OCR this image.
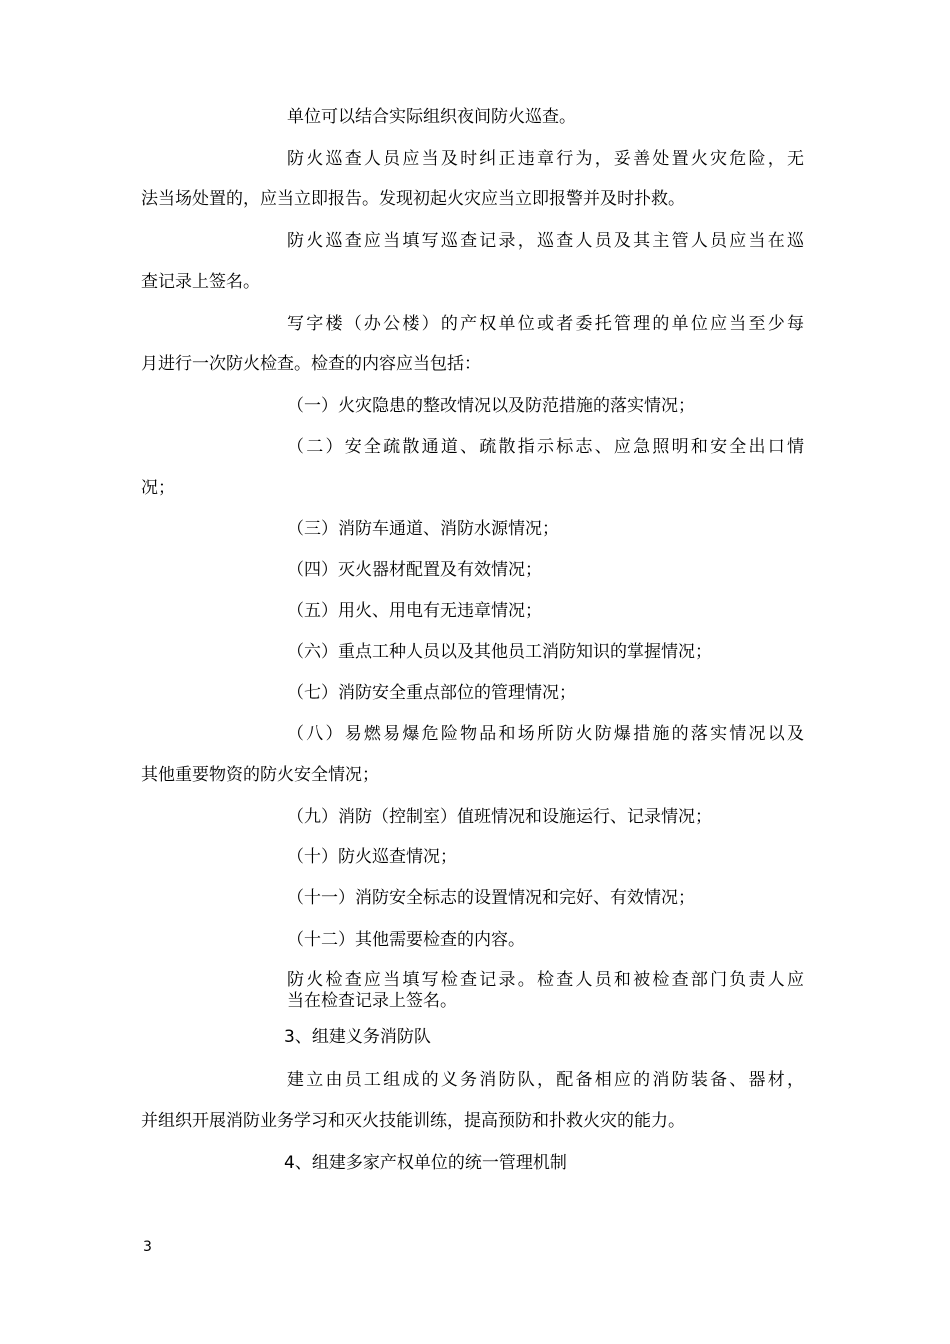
单位可以结合实际组织夜间防火巡查。
防火巡查人员应当及时纠正违章行为，妥善处置火灾危险，无
法当场处置的，应当立即报告。发现初起火灾应当立即报警并及时扑救。
防火巡查应当填写巡查记录，巡查人员及其主管人员应当在巡
查记录上签名。
写字楼（办公楼）的产权单位或者委托管理的单位应当至少每
月进行一次防火检查。检查的内容应当包括：
（一）火灾隐患的整改情况以及防范措施的落实情况；
（二）安全疏散通道、疏散指示标志、应急照明和安全出口情
况；
（三）消防车通道、消防水源情况；
（四）灭火器材配置及有效情况；
（五）用火、用电有无违章情况；
（六）重点工种人员以及其他员工消防知识的掌握情况；
（七）消防安全重点部位的管理情况；
（八）易燃易爆危险物品和场所防火防爆措施的落实情况以及
其他重要物资的防火安全情况；
（九）消防（控制室）值班情况和设施运行、记录情况；
（十）防火巡查情况；
（十一）消防安全标志的设置情况和完好、有效情况；
（十二）其他需要检查的内容。
防火检查应当填写检查记录。检查人员和被检查部门负责人应
当在检查记录上签名。
3、组建义务消防队
建立由员工组成的义务消防队，配备相应的消防装备、器材，
并组织开展消防业务学习和灭火技能训练，提高预防和扑救火灾的能力。
4、组建多家产权单位的统一管理机制
3
